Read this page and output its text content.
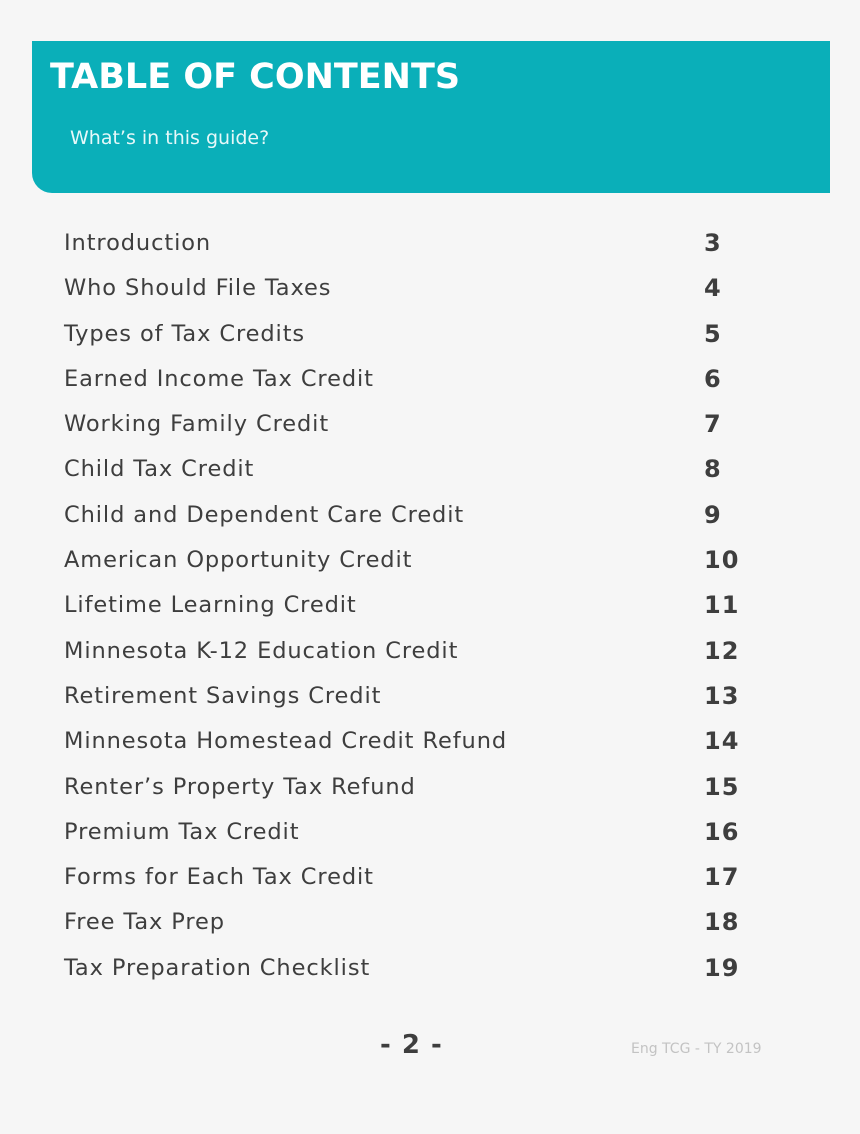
TABLE OF CONTENTS

What’s in this guide?

Introduction	3
Who Should File Taxes	4
Types of Tax Credits	5
Earned Income Tax Credit	6
Working Family Credit	7
Child Tax Credit	8
Child and Dependent Care Credit	9
American Opportunity Credit	10
Lifetime Learning Credit	11
Minnesota K-12 Education Credit	12
Retirement Savings Credit	13
Minnesota Homestead Credit Refund	14
Renter’s Property Tax Refund	15
Premium Tax Credit	16
Forms for Each Tax Credit	17
Free Tax Prep	18
Tax Preparation Checklist	19
- 2 -	Eng TCG - TY 2019
